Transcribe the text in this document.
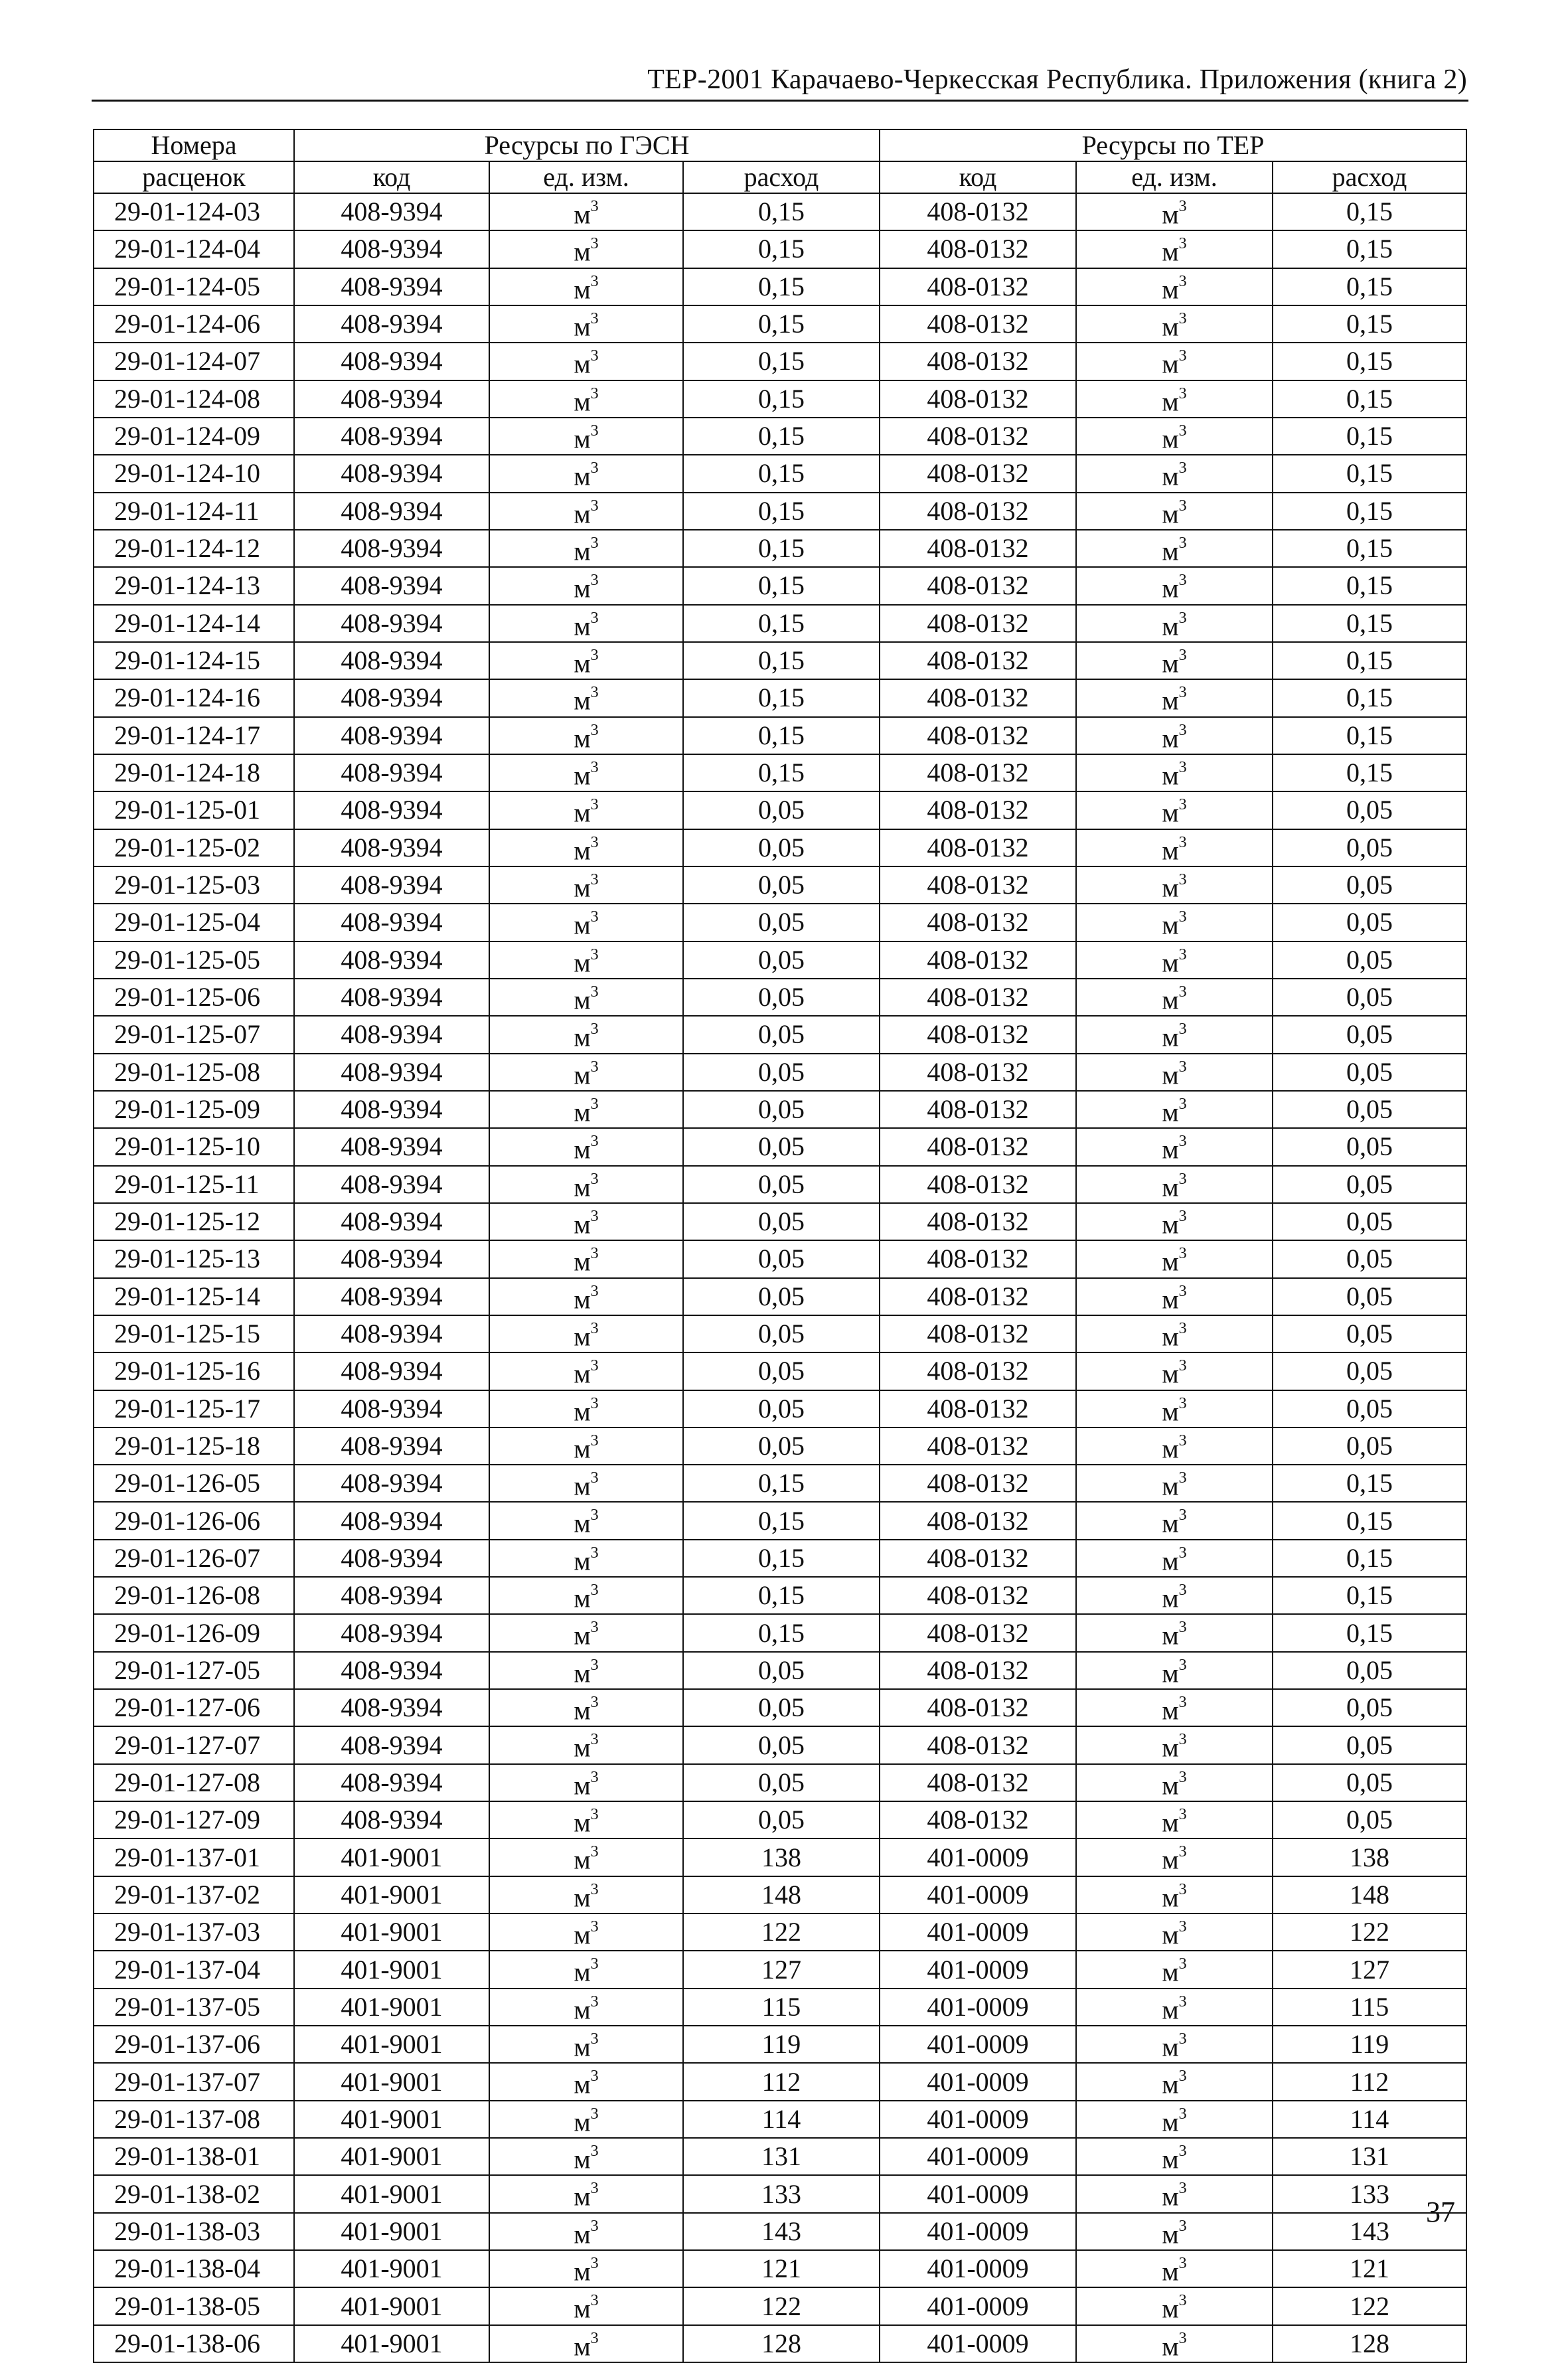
ТЕР-2001 Карачаево-Черкесская Республика. Приложения (книга 2)
Номера	Ресурсы по ГЭСН			Ресурсы по ТЕР		
расценок	код	ед. изм.	расход	код	ед. изм.	расход
29-01-124-03	408-9394	$м^3$	0,15	408-0132	$м^3$	0,15
29-01-124-04	408-9394	$м^3$	0,15	408-0132	$м^3$	0,15
29-01-124-05	408-9394	$м^3$	0,15	408-0132	$м^3$	0,15
29-01-124-06	408-9394	$м^3$	0,15	408-0132	$м^3$	0,15
29-01-124-07	408-9394	$м^3$	0,15	408-0132	$м^3$	0,15
29-01-124-08	408-9394	$м^3$	0,15	408-0132	$м^3$	0,15
29-01-124-09	408-9394	$м^3$	0,15	408-0132	$м^3$	0,15
29-01-124-10	408-9394	$м^3$	0,15	408-0132	$м^3$	0,15
29-01-124-11	408-9394	$м^3$	0,15	408-0132	$м^3$	0,15
29-01-124-12	408-9394	$м^3$	0,15	408-0132	$м^3$	0,15
29-01-124-13	408-9394	$м^3$	0,15	408-0132	$м^3$	0,15
29-01-124-14	408-9394	$м^3$	0,15	408-0132	$м^3$	0,15
29-01-124-15	408-9394	$м^3$	0,15	408-0132	$м^3$	0,15
29-01-124-16	408-9394	$м^3$	0,15	408-0132	$м^3$	0,15
29-01-124-17	408-9394	$м^3$	0,15	408-0132	$м^3$	0,15
29-01-124-18	408-9394	$м^3$	0,15	408-0132	$м^3$	0,15
29-01-125-01	408-9394	$м^3$	0,05	408-0132	$м^3$	0,05
29-01-125-02	408-9394	$м^3$	0,05	408-0132	$м^3$	0,05
29-01-125-03	408-9394	$м^3$	0,05	408-0132	$м^3$	0,05
29-01-125-04	408-9394	$м^3$	0,05	408-0132	$м^3$	0,05
29-01-125-05	408-9394	$м^3$	0,05	408-0132	$м^3$	0,05
29-01-125-06	408-9394	$м^3$	0,05	408-0132	$м^3$	0,05
29-01-125-07	408-9394	$м^3$	0,05	408-0132	$м^3$	0,05
29-01-125-08	408-9394	$м^3$	0,05	408-0132	$м^3$	0,05
29-01-125-09	408-9394	$м^3$	0,05	408-0132	$м^3$	0,05
29-01-125-10	408-9394	$м^3$	0,05	408-0132	$м^3$	0,05
29-01-125-11	408-9394	$м^3$	0,05	408-0132	$м^3$	0,05
29-01-125-12	408-9394	$м^3$	0,05	408-0132	$м^3$	0,05
29-01-125-13	408-9394	$м^3$	0,05	408-0132	$м^3$	0,05
29-01-125-14	408-9394	$м^3$	0,05	408-0132	$м^3$	0,05
29-01-125-15	408-9394	$м^3$	0,05	408-0132	$м^3$	0,05
29-01-125-16	408-9394	$м^3$	0,05	408-0132	$м^3$	0,05
29-01-125-17	408-9394	$м^3$	0,05	408-0132	$м^3$	0,05
29-01-125-18	408-9394	$м^3$	0,05	408-0132	$м^3$	0,05
29-01-126-05	408-9394	$м^3$	0,15	408-0132	$м^3$	0,15
29-01-126-06	408-9394	$м^3$	0,15	408-0132	$м^3$	0,15
29-01-126-07	408-9394	$м^3$	0,15	408-0132	$м^3$	0,15
29-01-126-08	408-9394	$м^3$	0,15	408-0132	$м^3$	0,15
29-01-126-09	408-9394	$м^3$	0,15	408-0132	$м^3$	0,15
29-01-127-05	408-9394	$м^3$	0,05	408-0132	$м^3$	0,05
29-01-127-06	408-9394	$м^3$	0,05	408-0132	$м^3$	0,05
29-01-127-07	408-9394	$м^3$	0,05	408-0132	$м^3$	0,05
29-01-127-08	408-9394	$м^3$	0,05	408-0132	$м^3$	0,05
29-01-127-09	408-9394	$м^3$	0,05	408-0132	$м^3$	0,05
29-01-137-01	401-9001	$м^3$	138	401-0009	$м^3$	138
29-01-137-02	401-9001	$м^3$	148	401-0009	$м^3$	148
29-01-137-03	401-9001	$м^3$	122	401-0009	$м^3$	122
29-01-137-04	401-9001	$м^3$	127	401-0009	$м^3$	127
29-01-137-05	401-9001	$м^3$	115	401-0009	$м^3$	115
29-01-137-06	401-9001	$м^3$	119	401-0009	$м^3$	119
29-01-137-07	401-9001	$м^3$	112	401-0009	$м^3$	112
29-01-137-08	401-9001	$м^3$	114	401-0009	$м^3$	114
29-01-138-01	401-9001	$м^3$	131	401-0009	$м^3$	131
29-01-138-02	401-9001	$м^3$	133	401-0009	$м^3$	133
29-01-138-03	401-9001	$м^3$	143	401-0009	$м^3$	143
29-01-138-04	401-9001	$м^3$	121	401-0009	$м^3$	121
29-01-138-05	401-9001	$м^3$	122	401-0009	$м^3$	122
29-01-138-06	401-9001	$м^3$	128	401-0009	$м^3$	128
37
